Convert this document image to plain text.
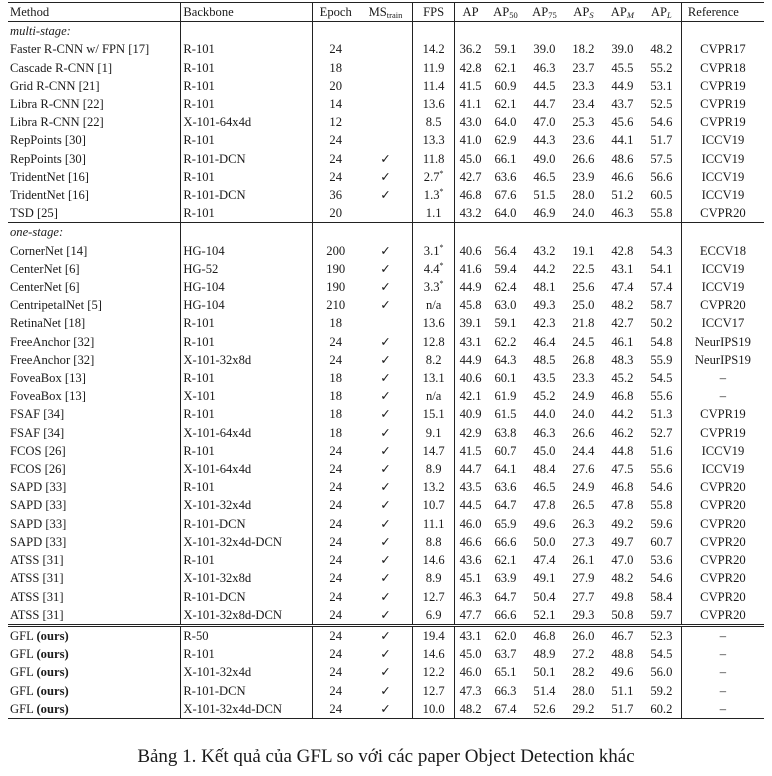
Method	Backbone	Epoch	$MS_{train}$	FPS	AP	$AP_{50}$	$AP_{75}$	$AP_S$	$AP_M$	$AP_L$	Reference
multi-stage:											
Faster R-CNN w/ FPN [17]	R-101	24		14.2	36.2	59.1	39.0	18.2	39.0	48.2	CVPR17
Cascade R-CNN [1]	R-101	18		11.9	42.8	62.1	46.3	23.7	45.5	55.2	CVPR18
Grid R-CNN [21]	R-101	20		11.4	41.5	60.9	44.5	23.3	44.9	53.1	CVPR19
Libra R-CNN [22]	R-101	14		13.6	41.1	62.1	44.7	23.4	43.7	52.5	CVPR19
Libra R-CNN [22]	X-101-64x4d	12		8.5	43.0	64.0	47.0	25.3	45.6	54.6	CVPR19
RepPoints [30]	R-101	24		13.3	41.0	62.9	44.3	23.6	44.1	51.7	ICCV19
RepPoints [30]	R-101-DCN	24	✓	11.8	45.0	66.1	49.0	26.6	48.6	57.5	ICCV19
TridentNet [16]	R-101	24	✓	2.7*	42.7	63.6	46.5	23.9	46.6	56.6	ICCV19
TridentNet [16]	R-101-DCN	36	✓	1.3*	46.8	67.6	51.5	28.0	51.2	60.5	ICCV19
TSD [25]	R-101	20		1.1	43.2	64.0	46.9	24.0	46.3	55.8	CVPR20
one-stage:											
CornerNet [14]	HG-104	200	✓	3.1*	40.6	56.4	43.2	19.1	42.8	54.3	ECCV18
CenterNet [6]	HG-52	190	✓	4.4*	41.6	59.4	44.2	22.5	43.1	54.1	ICCV19
CenterNet [6]	HG-104	190	✓	3.3*	44.9	62.4	48.1	25.6	47.4	57.4	ICCV19
CentripetalNet [5]	HG-104	210	✓	n/a	45.8	63.0	49.3	25.0	48.2	58.7	CVPR20
RetinaNet [18]	R-101	18		13.6	39.1	59.1	42.3	21.8	42.7	50.2	ICCV17
FreeAnchor [32]	R-101	24	✓	12.8	43.1	62.2	46.4	24.5	46.1	54.8	NeurIPS19
FreeAnchor [32]	X-101-32x8d	24	✓	8.2	44.9	64.3	48.5	26.8	48.3	55.9	NeurIPS19
FoveaBox [13]	R-101	18	✓	13.1	40.6	60.1	43.5	23.3	45.2	54.5	–
FoveaBox [13]	X-101	18	✓	n/a	42.1	61.9	45.2	24.9	46.8	55.6	–
FSAF [34]	R-101	18	✓	15.1	40.9	61.5	44.0	24.0	44.2	51.3	CVPR19
FSAF [34]	X-101-64x4d	18	✓	9.1	42.9	63.8	46.3	26.6	46.2	52.7	CVPR19
FCOS [26]	R-101	24	✓	14.7	41.5	60.7	45.0	24.4	44.8	51.6	ICCV19
FCOS [26]	X-101-64x4d	24	✓	8.9	44.7	64.1	48.4	27.6	47.5	55.6	ICCV19
SAPD [33]	R-101	24	✓	13.2	43.5	63.6	46.5	24.9	46.8	54.6	CVPR20
SAPD [33]	X-101-32x4d	24	✓	10.7	44.5	64.7	47.8	26.5	47.8	55.8	CVPR20
SAPD [33]	R-101-DCN	24	✓	11.1	46.0	65.9	49.6	26.3	49.2	59.6	CVPR20
SAPD [33]	X-101-32x4d-DCN	24	✓	8.8	46.6	66.6	50.0	27.3	49.7	60.7	CVPR20
ATSS [31]	R-101	24	✓	14.6	43.6	62.1	47.4	26.1	47.0	53.6	CVPR20
ATSS [31]	X-101-32x8d	24	✓	8.9	45.1	63.9	49.1	27.9	48.2	54.6	CVPR20
ATSS [31]	R-101-DCN	24	✓	12.7	46.3	64.7	50.4	27.7	49.8	58.4	CVPR20
ATSS [31]	X-101-32x8d-DCN	24	✓	6.9	47.7	66.6	52.1	29.3	50.8	59.7	CVPR20
GFL (ours)	R-50	24	✓	19.4	43.1	62.0	46.8	26.0	46.7	52.3	–
GFL (ours)	R-101	24	✓	14.6	45.0	63.7	48.9	27.2	48.8	54.5	–
GFL (ours)	X-101-32x4d	24	✓	12.2	46.0	65.1	50.1	28.2	49.6	56.0	–
GFL (ours)	R-101-DCN	24	✓	12.7	47.3	66.3	51.4	28.0	51.1	59.2	–
GFL (ours)	X-101-32x4d-DCN	24	✓	10.0	48.2	67.4	52.6	29.2	51.7	60.2	–
Bảng 1. Kết quả của GFL so với các paper Object Detection khác
